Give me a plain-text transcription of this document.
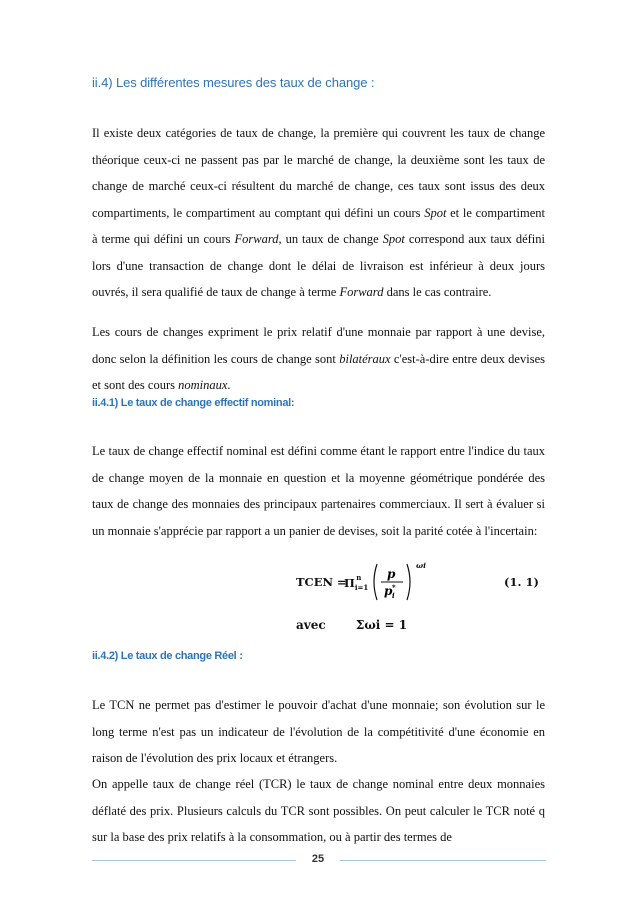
ii.4) Les différentes mesures des taux de change :

Il existe deux catégories de taux de change, la première qui couvrent les taux de change théorique ceux-ci ne passent pas par le marché de change, la deuxième sont les taux de change de marché ceux-ci résultent du marché de change, ces taux sont issus des deux compartiments, le compartiment au comptant qui défini un cours Spot et le compartiment à terme qui défini un cours Forward, un taux de change Spot correspond aux taux défini lors d'une transaction de change dont le délai de livraison est inférieur à deux jours ouvrés, il sera qualifié de taux de change à terme Forward dans le cas contraire.

Les cours de changes expriment le prix relatif d'une monnaie par rapport à une devise, donc selon la définition les cours de change sont bilatéraux c'est-à-dire entre deux devises et sont des cours nominaux.

ii.4.1) Le taux de change effectif nominal:

Le taux de change effectif nominal est défini comme étant le rapport entre l'indice du taux de change moyen de la monnaie en question et la moyenne géométrique pondérée des taux de change des monnaies des principaux partenaires commerciaux. Il sert à évaluer si un monnaie s'apprécie par rapport a un panier de devises, soit la parité cotée à l'incertain:

TCEN =
$\Pi_{i=1}^n$	p
p *
i
ωi
(1. 1)
avec	Σωi = 1
ii.4.2) Le taux de change Réel :

Le TCN ne permet pas d'estimer le pouvoir d'achat d'une monnaie; son évolution sur le long terme n'est pas un indicateur de l'évolution de la compétitivité d'une économie en raison de l'évolution des prix locaux et étrangers.

On appelle taux de change réel (TCR) le taux de change nominal entre deux monnaies déflaté des prix. Plusieurs calculs du TCR sont possibles. On peut calculer le TCR noté q sur la base des prix relatifs à la consommation, ou à partir des termes de

25
